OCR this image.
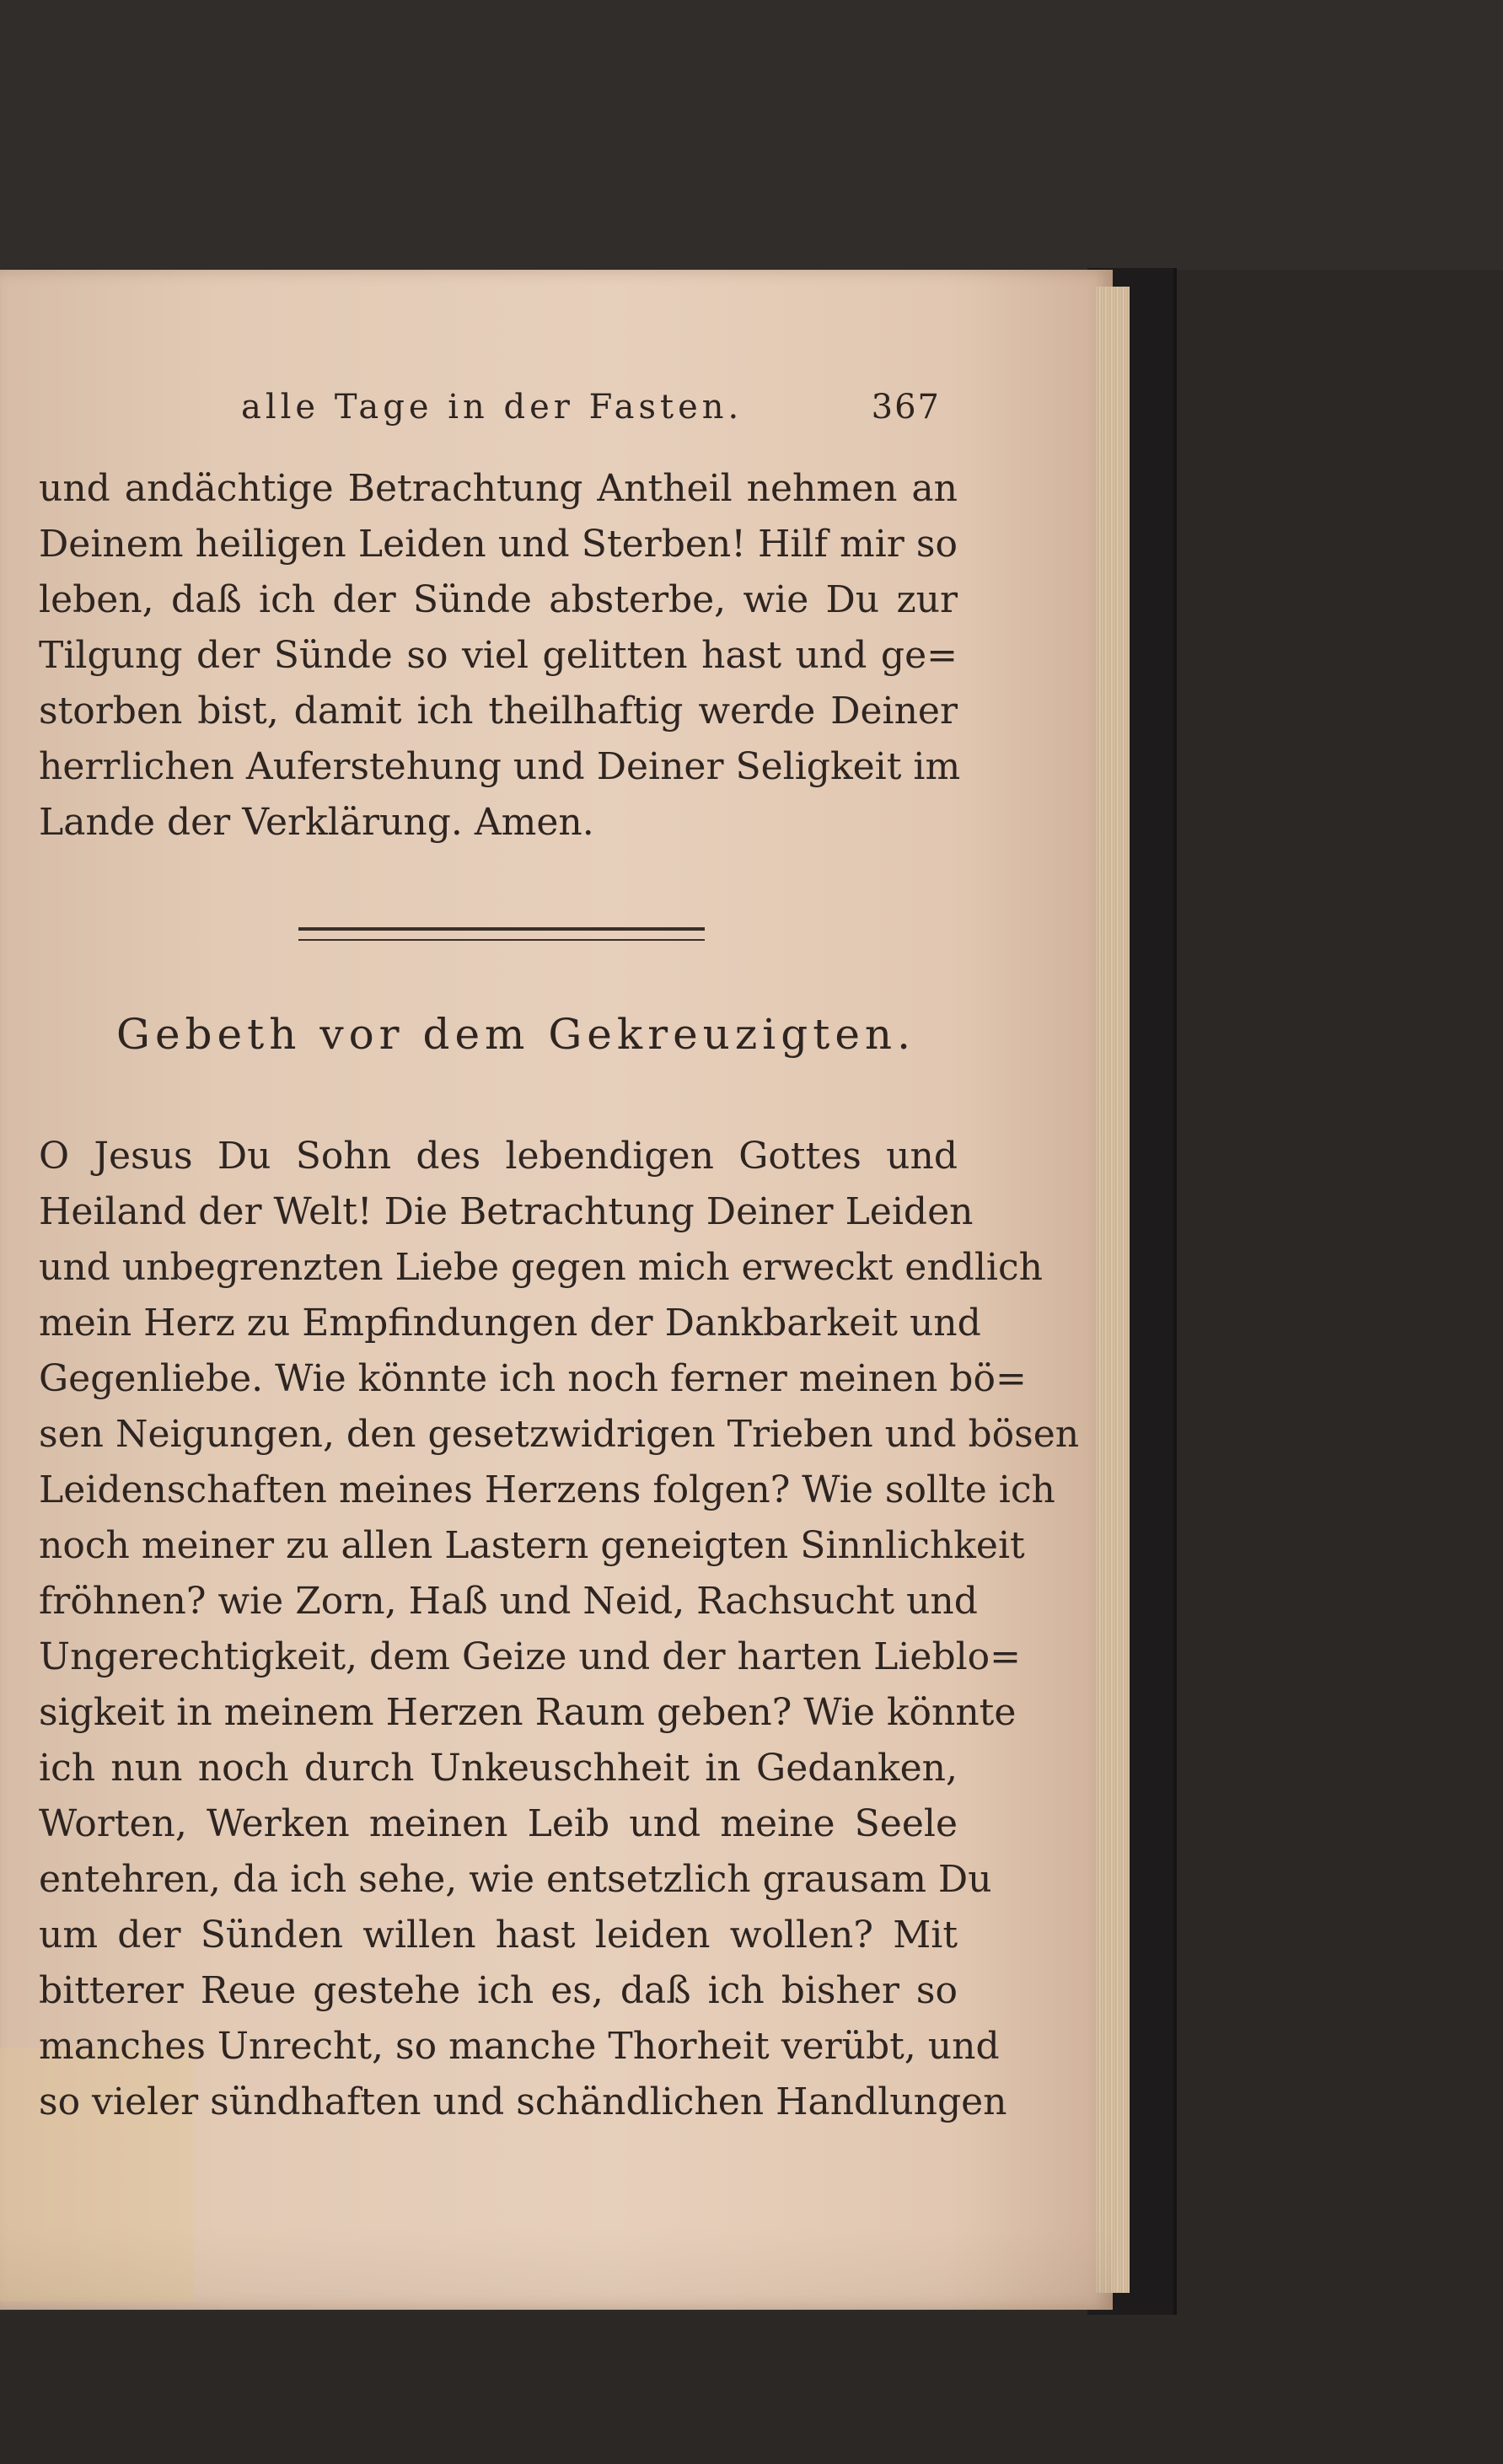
alle Tage in der Fasten.	367
und andächtige Betrachtung Antheil nehmen an
Deinem heiligen Leiden und Sterben! Hilf mir so
leben, daß ich der Sünde absterbe, wie Du zur
Tilgung der Sünde so viel gelitten hast und ge=
storben bist, damit ich theilhaftig werde Deiner
herrlichen Auferstehung und Deiner Seligkeit im
Lande der Verklärung. Amen.
Gebeth vor dem Gekreuzigten.
O Jesus Du Sohn des lebendigen Gottes und
Heiland der Welt! Die Betrachtung Deiner Leiden
und unbegrenzten Liebe gegen mich erweckt endlich
mein Herz zu Empfindungen der Dankbarkeit und
Gegenliebe. Wie könnte ich noch ferner meinen bö=
sen Neigungen, den gesetzwidrigen Trieben und bösen
Leidenschaften meines Herzens folgen? Wie sollte ich
noch meiner zu allen Lastern geneigten Sinnlichkeit
fröhnen? wie Zorn, Haß und Neid, Rachsucht und
Ungerechtigkeit, dem Geize und der harten Lieblo=
sigkeit in meinem Herzen Raum geben? Wie könnte
ich nun noch durch Unkeuschheit in Gedanken,
Worten, Werken meinen Leib und meine Seele
entehren, da ich sehe, wie entsetzlich grausam Du
um der Sünden willen hast leiden wollen? Mit
bitterer Reue gestehe ich es, daß ich bisher so
manches Unrecht, so manche Thorheit verübt, und
so vieler sündhaften und schändlichen Handlungen
